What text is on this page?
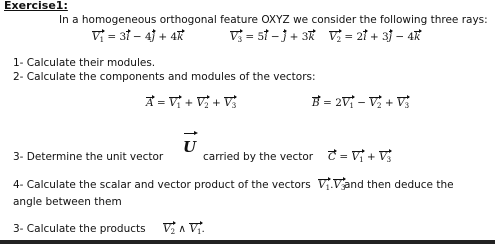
Exercise1:
In a homogeneous orthogonal feature OXYZ we consider the following three rays:
$V_1 = 3i - 4j + 4k$	$V_3 = 5i - j + 3k$ $V_2 = 2i + 3j - 4k$
1- Calculate their modules.
2- Calculate the components and modules of the vectors:
$A = V_1 + V_2 + V_3$	$B = 2V_1 - V_2 + V_3$
3- Determine the unit vector
U
carried by the vector $C = V_1 + V_3$
4- Calculate the scalar and vector product of the vectors $V_1.V_3$
and then deduce the
angle between them
3- Calculate the products $V_2$ ∧ $V_1$.
